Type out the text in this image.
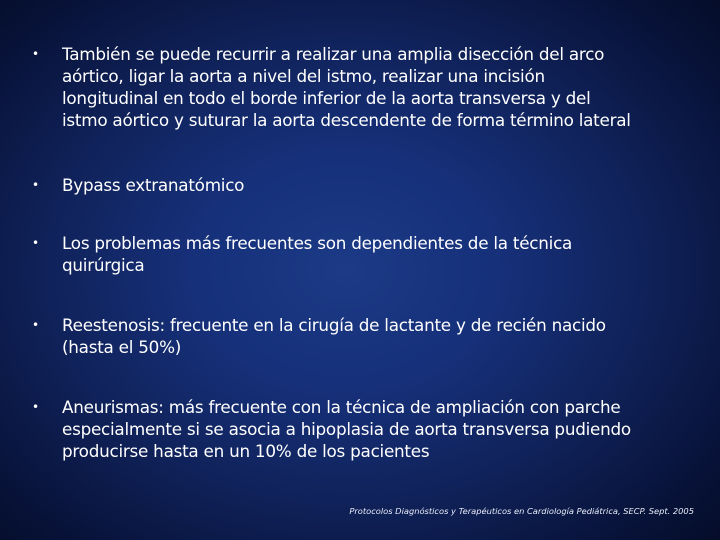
•	También se puede recurrir a realizar una amplia disección del arco
aórtico, ligar la aorta a nivel del istmo, realizar una incisión
longitudinal en todo el borde inferior de la aorta transversa y del
istmo aórtico y suturar la aorta descendente de forma término lateral
•	Bypass extranatómico
•	Los problemas más frecuentes son dependientes de la técnica
quirúrgica
•	Reestenosis: frecuente en la cirugía de lactante y de recién nacido
(hasta el 50%)
•	Aneurismas: más frecuente con la técnica de ampliación con parche
especialmente si se asocia a hipoplasia de aorta transversa pudiendo
producirse hasta en un 10% de los pacientes
Protocolos Diagnósticos y Terapéuticos en Cardiología Pediátrica, SECP. Sept. 2005
